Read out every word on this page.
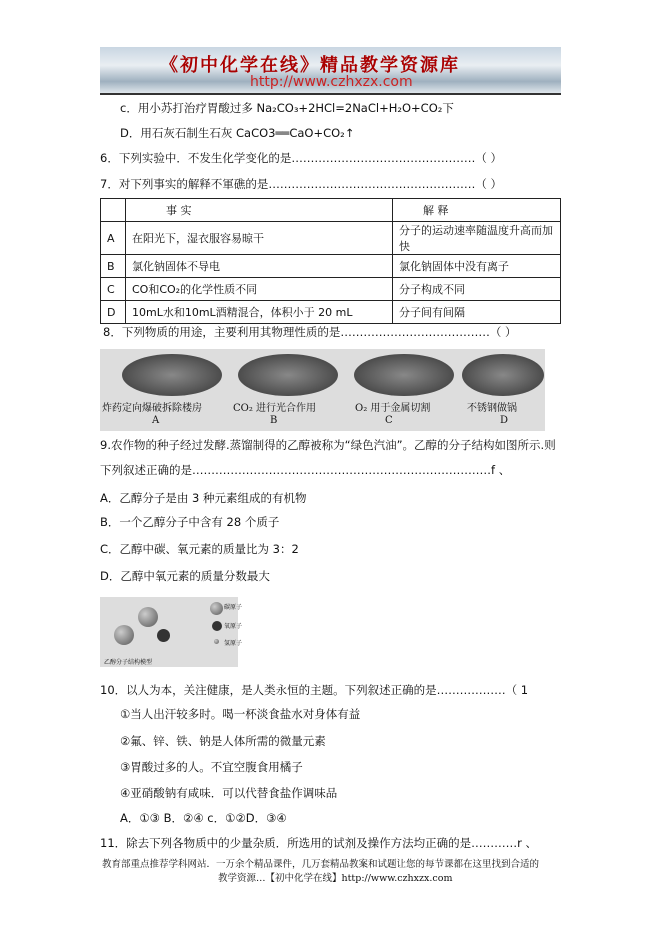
《初中化学在线》精品教学资源库
http://www.czhxzx.com
c．用小苏打治疗胃酸过多 Na₂CO₃+2HCl=2NaCl+H₂O+CO₂下
D．用石灰石制生石灰 CaCO3══CaO+CO₂↑
6．下列实验中．不发生化学变化的是…………………………………………（ ）
7．对下列事实的解释不軍礁的是………………………………………………（ ）
	事 实	解 释
A	在阳光下，湿衣服容易晾干	分子的运动速率随温度升高而加快
B	氯化钠固体不导电	氯化钠固体中没有离子
C	CO和CO₂的化学性质不同	分子构成不同
D	10mL水和10mL酒精混合，体积小于 20 mL	分子间有间隔
8．下列物质的用途，主要利用其物理性质的是…………………………………（ ）
炸药定向爆破拆除楼房
A
CO₂ 进行光合作用
B
O₂ 用于金属切割
C
不锈钢做锅
D
9.农作物的种子经过发酵.蒸馏制得的乙醇被称为“绿色汽油”。乙醇的分子结构如图所示.则
下列叙述正确的是……………………………………………………………………f 、
A．乙醇分子是由 3 种元素组成的有机物
B．一个乙醇分子中含有 28 个质子
C．乙醇中碳、氧元素的质量比为 3：2
D．乙醇中氧元素的质量分数最大
碳原子
氧原子
氢原子
乙醇分子结构模型
10．以人为本，关注健康，是人类永恒的主题。下列叙述正确的是………………（ 1
①当人出汗较多时。喝一杯淡食盐水对身体有益
②氟、锌、铁、钠是人体所需的微量元素
③胃酸过多的人。不宜空腹食用橘子
④亚硝酸钠有咸味．可以代替食盐作调味品
A．①③ B．②④ c．①②D．③④
11．除去下列各物质中的少量杂质．所选用的试剂及操作方法均正确的是…………r 、
教育部重点推荐学科网站．一万余个精品课件，几万套精品教案和试题让您的每节课都在这里找到合适的
教学资源…【初中化学在线】http://www.czhxzx.com
